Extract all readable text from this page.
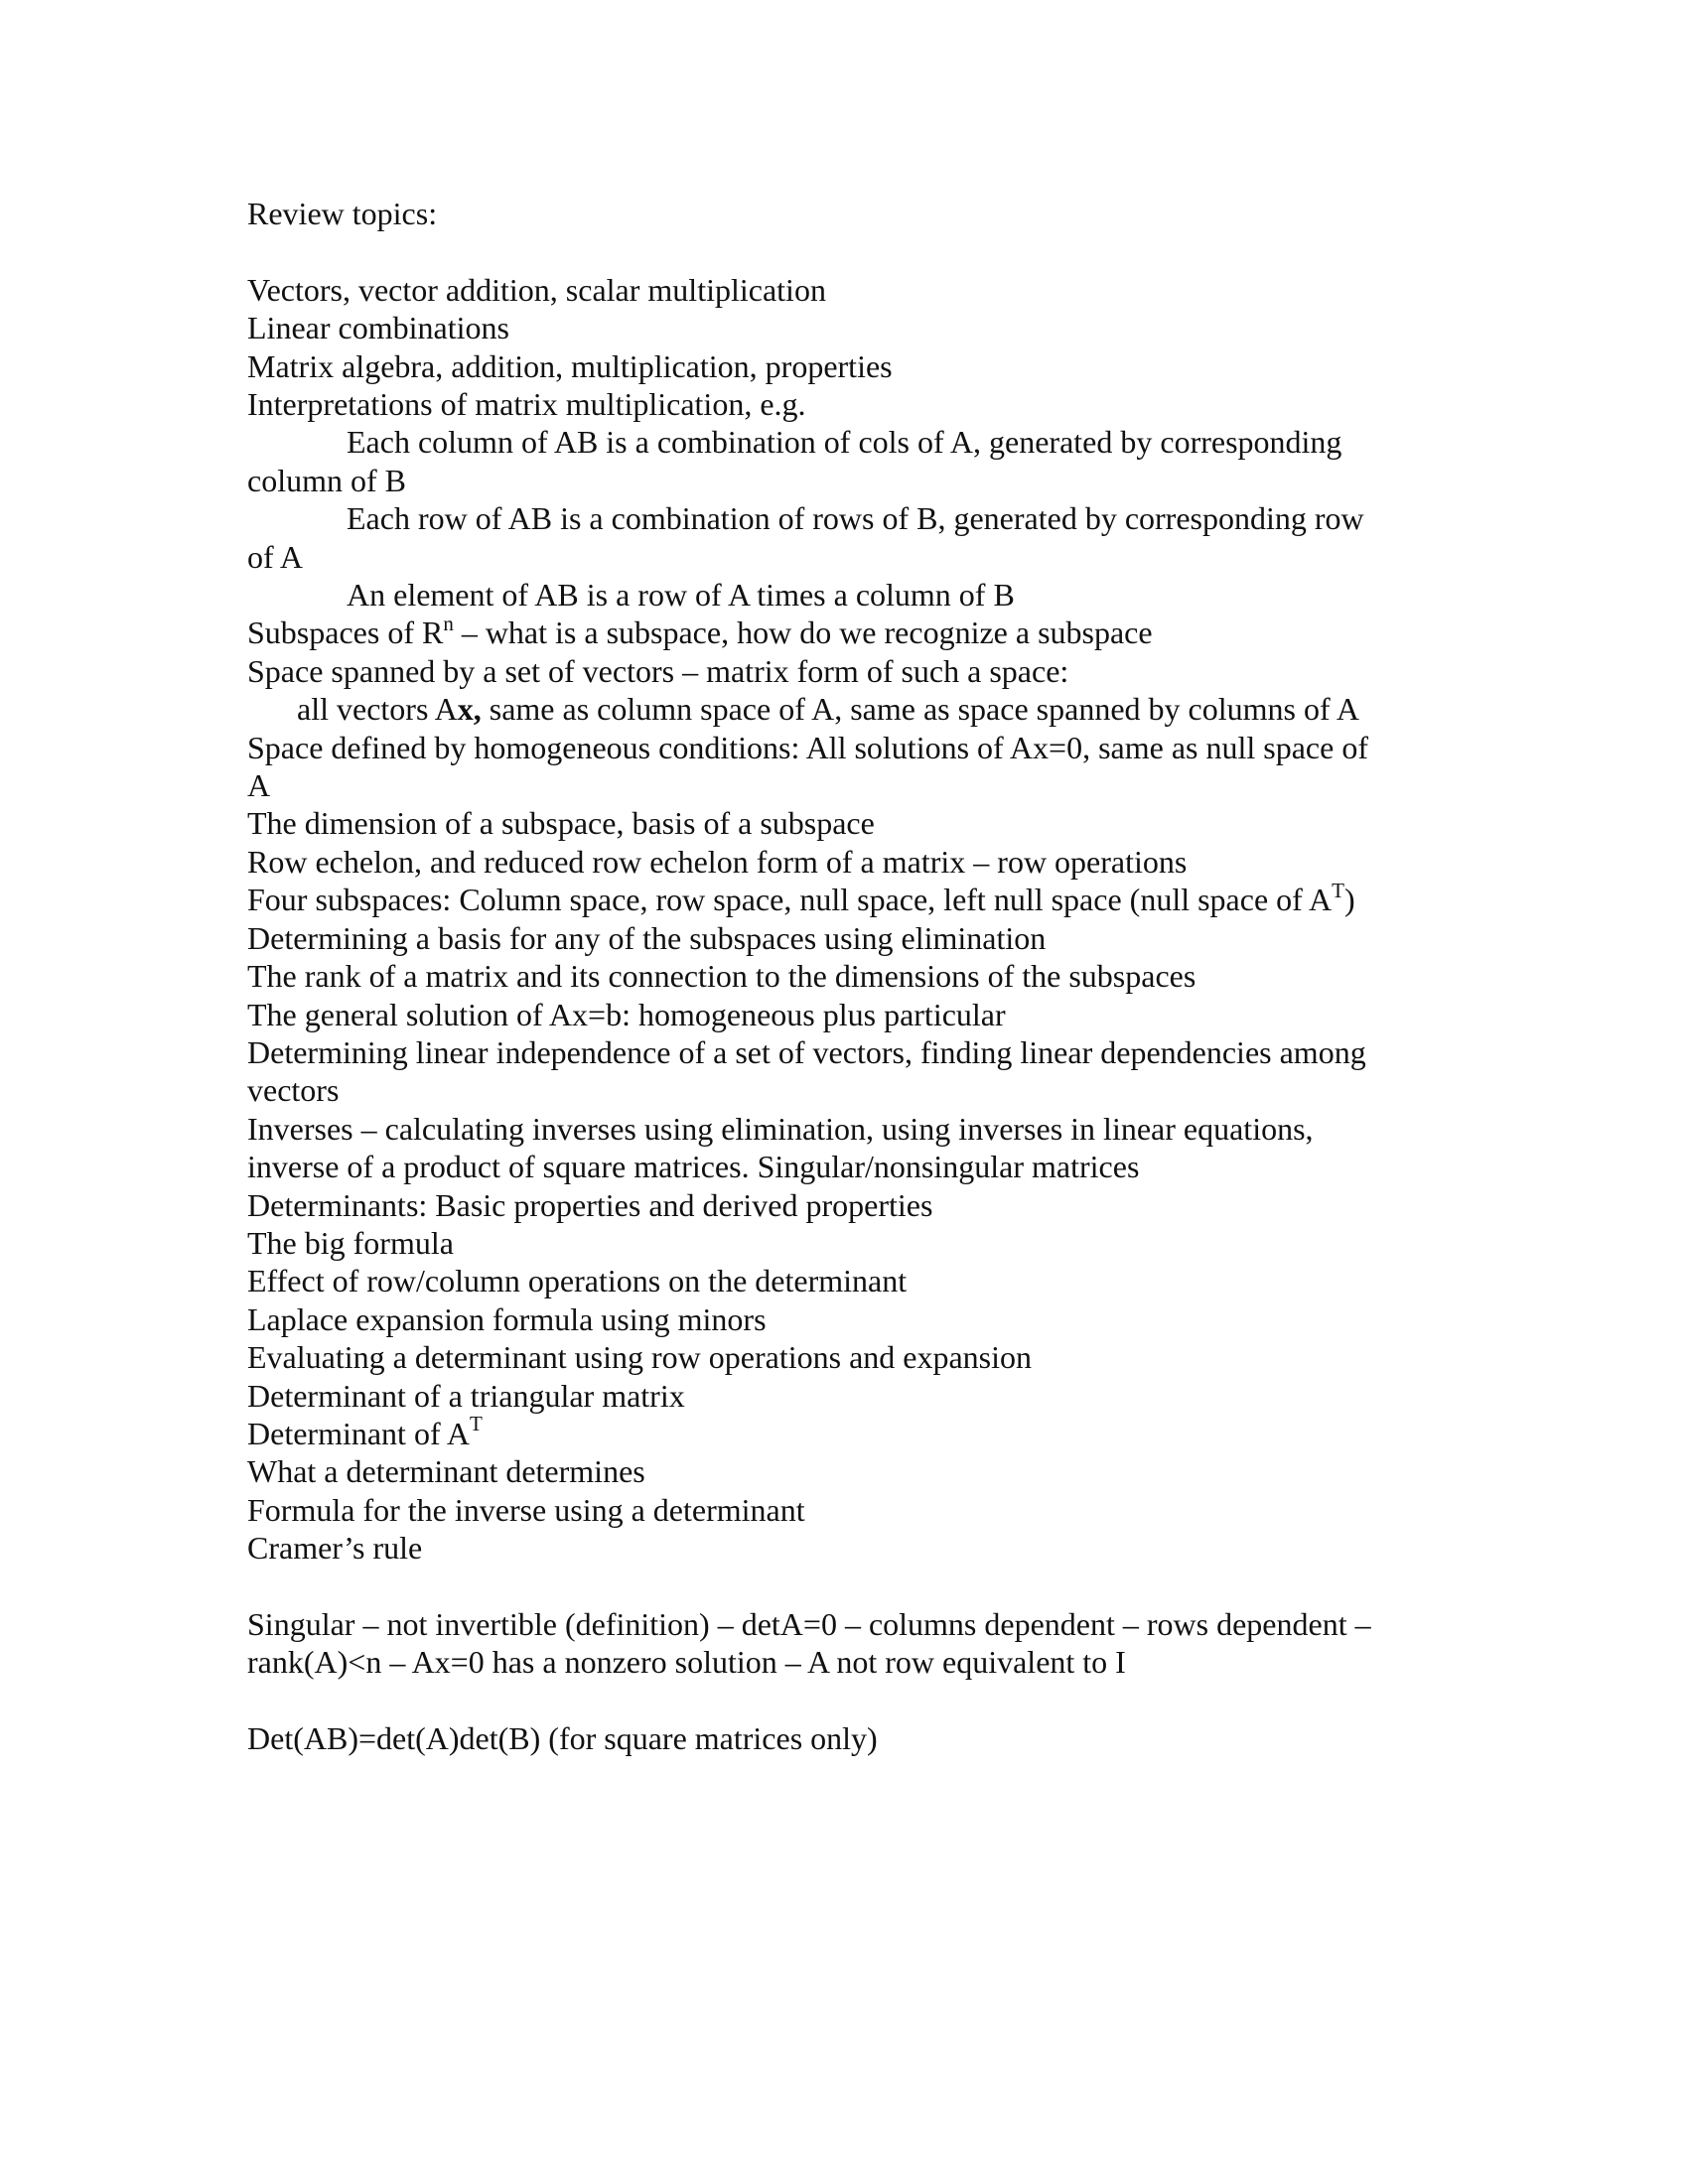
Review topics:

Vectors, vector addition, scalar multiplication

Linear combinations

Matrix algebra, addition, multiplication, properties

Interpretations of matrix multiplication, e.g.

Each column of AB is a combination of cols of A, generated by corresponding

column of B

Each row of AB is a combination of rows of B, generated by corresponding row

of A

An element of AB is a row of A times a column of B

Subspaces of $R^n$ – what is a subspace, how do we recognize a subspace

Space spanned by a set of vectors – matrix form of such a space:

all vectors Ax, same as column space of A, same as space spanned by columns of A

Space defined by homogeneous conditions: All solutions of Ax=0, same as null space of

A

The dimension of a subspace, basis of a subspace

Row echelon, and reduced row echelon form of a matrix – row operations

Four subspaces: Column space, row space, null space, left null space (null space of $A^T$)

Determining a basis for any of the subspaces using elimination

The rank of a matrix and its connection to the dimensions of the subspaces

The general solution of Ax=b: homogeneous plus particular

Determining linear independence of a set of vectors, finding linear dependencies among

vectors

Inverses – calculating inverses using elimination, using inverses in linear equations,

inverse of a product of square matrices. Singular/nonsingular matrices

Determinants: Basic properties and derived properties

The big formula

Effect of row/column operations on the determinant

Laplace expansion formula using minors

Evaluating a determinant using row operations and expansion

Determinant of a triangular matrix

Determinant of $A^T$

What a determinant determines

Formula for the inverse using a determinant

Cramer’s rule

Singular – not invertible (definition) – detA=0 – columns dependent – rows dependent –

rank(A)<n – Ax=0 has a nonzero solution – A not row equivalent to I

Det(AB)=det(A)det(B) (for square matrices only)
